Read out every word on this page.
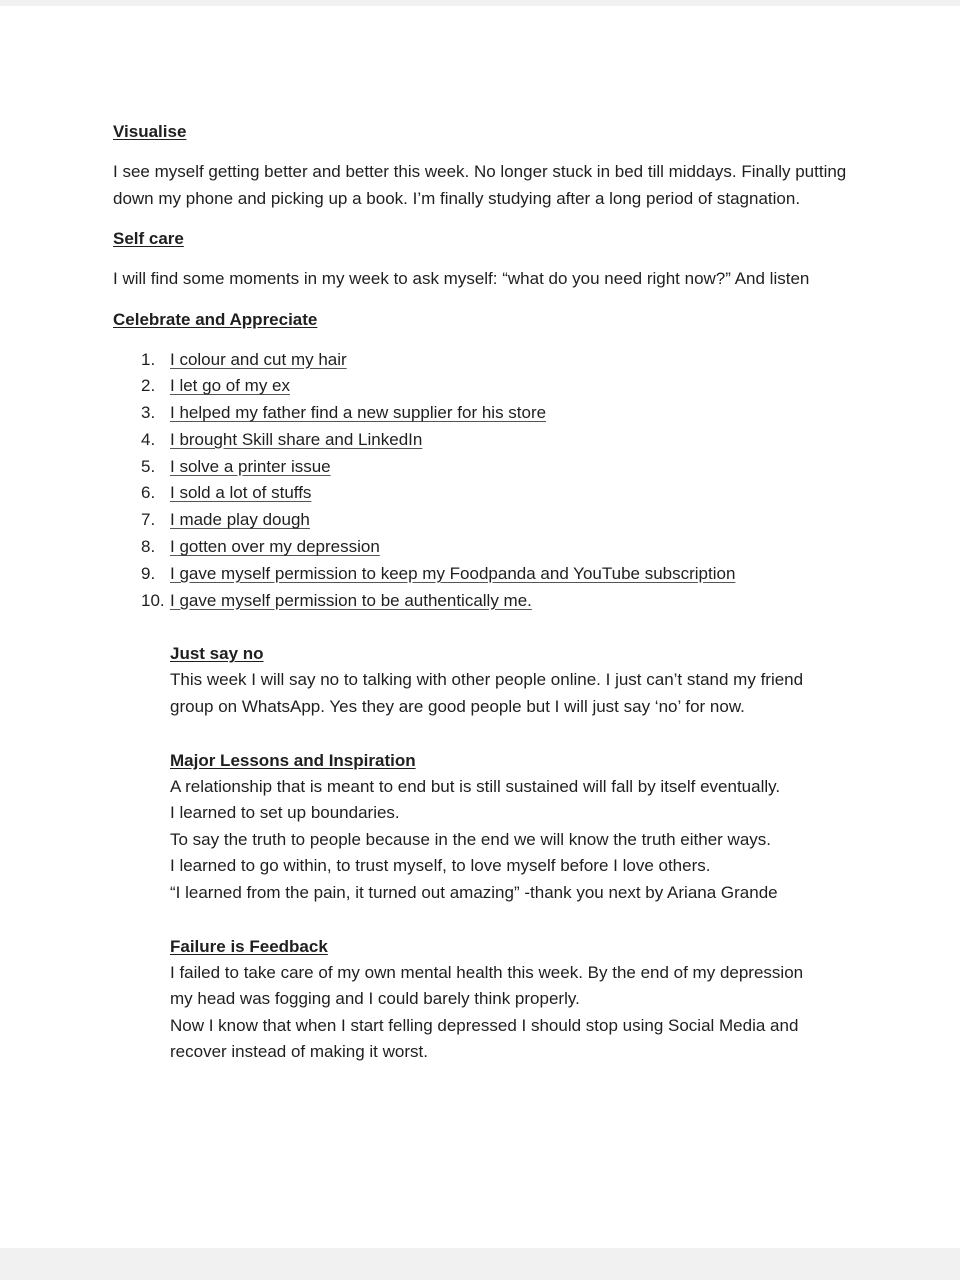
Visualise

I see myself getting better and better this week. No longer stuck in bed till middays. Finally putting down my phone and picking up a book. I’m finally studying after a long period of stagnation.

Self care

I will find some moments in my week to ask myself: “what do you need right now?” And listen

Celebrate and Appreciate
1. I colour and cut my hair
2. I let go of my ex
3. I helped my father find a new supplier for his store
4. I brought Skill share and LinkedIn
5. I solve a printer issue
6. I sold a lot of stuffs
7. I made play dough
8. I gotten over my depression
9. I gave myself permission to keep my Foodpanda and YouTube subscription
10. I gave myself permission to be authentically me.
Just say no
This week I will say no to talking with other people online. I just can’t stand my friend
group on WhatsApp. Yes they are good people but I will just say ‘no’ for now.
Major Lessons and Inspiration
A relationship that is meant to end but is still sustained will fall by itself eventually.
I learned to set up boundaries.
To say the truth to people because in the end we will know the truth either ways.
I learned to go within, to trust myself, to love myself before I love others.
“I learned from the pain, it turned out amazing” -thank you next by Ariana Grande
Failure is Feedback
I failed to take care of my own mental health this week. By the end of my depression
my head was fogging and I could barely think properly.
Now I know that when I start felling depressed I should stop using Social Media and
recover instead of making it worst.
